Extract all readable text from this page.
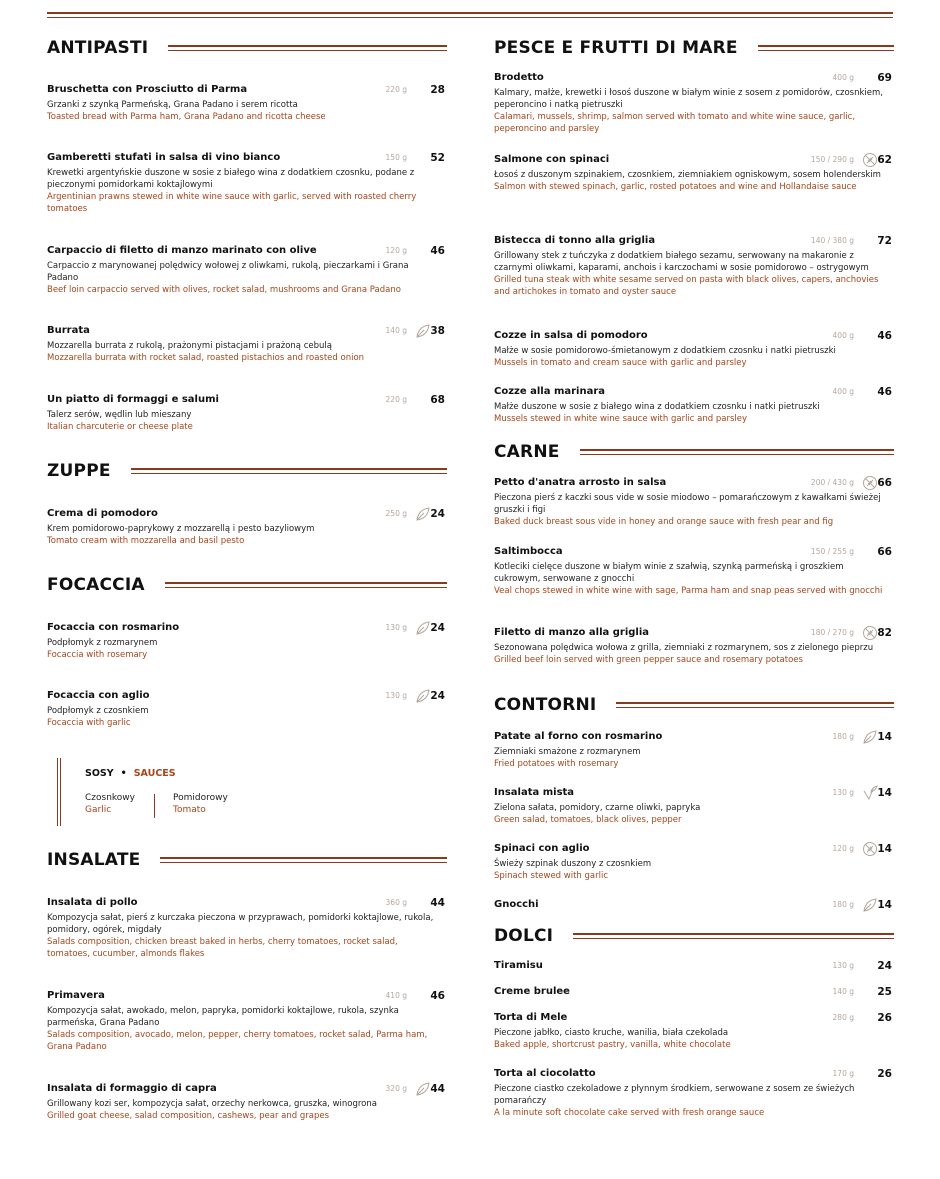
ANTIPASTI
Bruschetta con Prosciutto di Parma	220 g 28
Grzanki z szynką Parmeńską, Grana Padano i serem ricotta
Toasted bread with Parma ham, Grana Padano and ricotta cheese
Gamberetti stufati in salsa di vino bianco	150 g 52
Krewetki argentyńskie duszone w sosie z białego wina z dodatkiem czosnku, podane z pieczonymi pomidorkami koktajlowymi
Argentinian prawns stewed in white wine sauce with garlic, served with roasted cherry tomatoes
Carpaccio di filetto di manzo marinato con olive	120 g 46
Carpaccio z marynowanej polędwicy wołowej z oliwkami, rukolą, pieczarkami i Grana Padano
Beef loin carpaccio served with olives, rocket salad, mushrooms and Grana Padano
Burrata	140 g 38
Mozzarella burrata z rukolą, prażonymi pistacjami i prażoną cebulą
Mozzarella burrata with rocket salad, roasted pistachios and roasted onion
Un piatto di formaggi e salumi	220 g 68
Talerz serów, wędlin lub mieszany
Italian charcuterie or cheese plate
ZUPPE
Crema di pomodoro	250 g 24
Krem pomidorowo-paprykowy z mozzarellą i pesto bazyliowym
Tomato cream with mozzarella and basil pesto
FOCACCIA
Focaccia con rosmarino	130 g 24
Podpłomyk z rozmarynem
Focaccia with rosemary
Focaccia con aglio	130 g 24
Podpłomyk z czosnkiem
Focaccia with garlic
SOSY • SAUCES
Czosnkowy
Garlic
Pomidorowy
Tomato
INSALATE
Insalata di pollo	360 g 44
Kompozycja sałat, pierś z kurczaka pieczona w przyprawach, pomidorki koktajlowe, rukola, pomidory, ogórek, migdały
Salads composition, chicken breast baked in herbs, cherry tomatoes, rocket salad, tomatoes, cucumber, almonds flakes
Primavera	410 g 46
Kompozycja sałat, awokado, melon, papryka, pomidorki koktajlowe, rukola, szynka parmeńska, Grana Padano
Salads composition, avocado, melon, pepper, cherry tomatoes, rocket salad, Parma ham, Grana Padano
Insalata di formaggio di capra	320 g 44
Grillowany kozi ser, kompozycja sałat, orzechy nerkowca, gruszka, winogrona
Grilled goat cheese, salad composition, cashews, pear and grapes
PESCE E FRUTTI DI MARE
Brodetto	400 g 69
Kalmary, małże, krewetki i łosoś duszone w białym winie z sosem z pomidorów, czosnkiem, peperoncino i natką pietruszki
Calamari, mussels, shrimp, salmon served with tomato and white wine sauce, garlic, peperoncino and parsley
Salmone con spinaci	150 / 290 g 62
Łosoś z duszonym szpinakiem, czosnkiem, ziemniakiem ogniskowym, sosem holenderskim
Salmon with stewed spinach, garlic, rosted potatoes and wine and Hollandaise sauce
Bistecca di tonno alla griglia	140 / 380 g 72
Grillowany stek z tuńczyka z dodatkiem białego sezamu, serwowany na makaronie z czarnymi oliwkami, kaparami, anchois i karczochami w sosie pomidorowo – ostrygowym
Grilled tuna steak with white sesame served on pasta with black olives, capers, anchovies and artichokes in tomato and oyster sauce
Cozze in salsa di pomodoro	400 g 46
Małże w sosie pomidorowo-śmietanowym z dodatkiem czosnku i natki pietruszki
Mussels in tomato and cream sauce with garlic and parsley
Cozze alla marinara	400 g 46
Małże duszone w sosie z białego wina z dodatkiem czosnku i natki pietruszki
Mussels stewed in white wine sauce with garlic and parsley
CARNE
Petto d'anatra arrosto in salsa	200 / 430 g 66
Pieczona pierś z kaczki sous vide w sosie miodowo – pomarańczowym z kawałkami świeżej gruszki i figi
Baked duck breast sous vide in honey and orange sauce with fresh pear and fig
Saltimbocca	150 / 255 g 66
Kotleciki cielęce duszone w białym winie z szałwią, szynką parmeńską i groszkiem cukrowym, serwowane z gnocchi
Veal chops stewed in white wine with sage, Parma ham and snap peas served with gnocchi
Filetto di manzo alla griglia	180 / 270 g 82
Sezonowana polędwica wołowa z grilla, ziemniaki z rozmarynem, sos z zielonego pieprzu
Grilled beef loin served with green pepper sauce and rosemary potatoes
CONTORNI
Patate al forno con rosmarino	180 g 14
Ziemniaki smażone z rozmarynem
Fried potatoes with rosemary
Insalata mista	130 g 14
Zielona sałata, pomidory, czarne oliwki, papryka
Green salad, tomatoes, black olives, pepper
Spinaci con aglio	120 g 14
Świeży szpinak duszony z czosnkiem
Spinach stewed with garlic
Gnocchi	180 g 14
DOLCI
Tiramisu	130 g 24
Creme brulee	140 g 25
Torta di Mele	280 g 26
Pieczone jabłko, ciasto kruche, wanilia, biała czekolada
Baked apple, shortcrust pastry, vanilla, white chocolate
Torta al ciocolatto	170 g 26
Pieczone ciastko czekoladowe z płynnym środkiem, serwowane z sosem ze świeżych pomarańczy
A la minute soft chocolate cake served with fresh orange sauce
